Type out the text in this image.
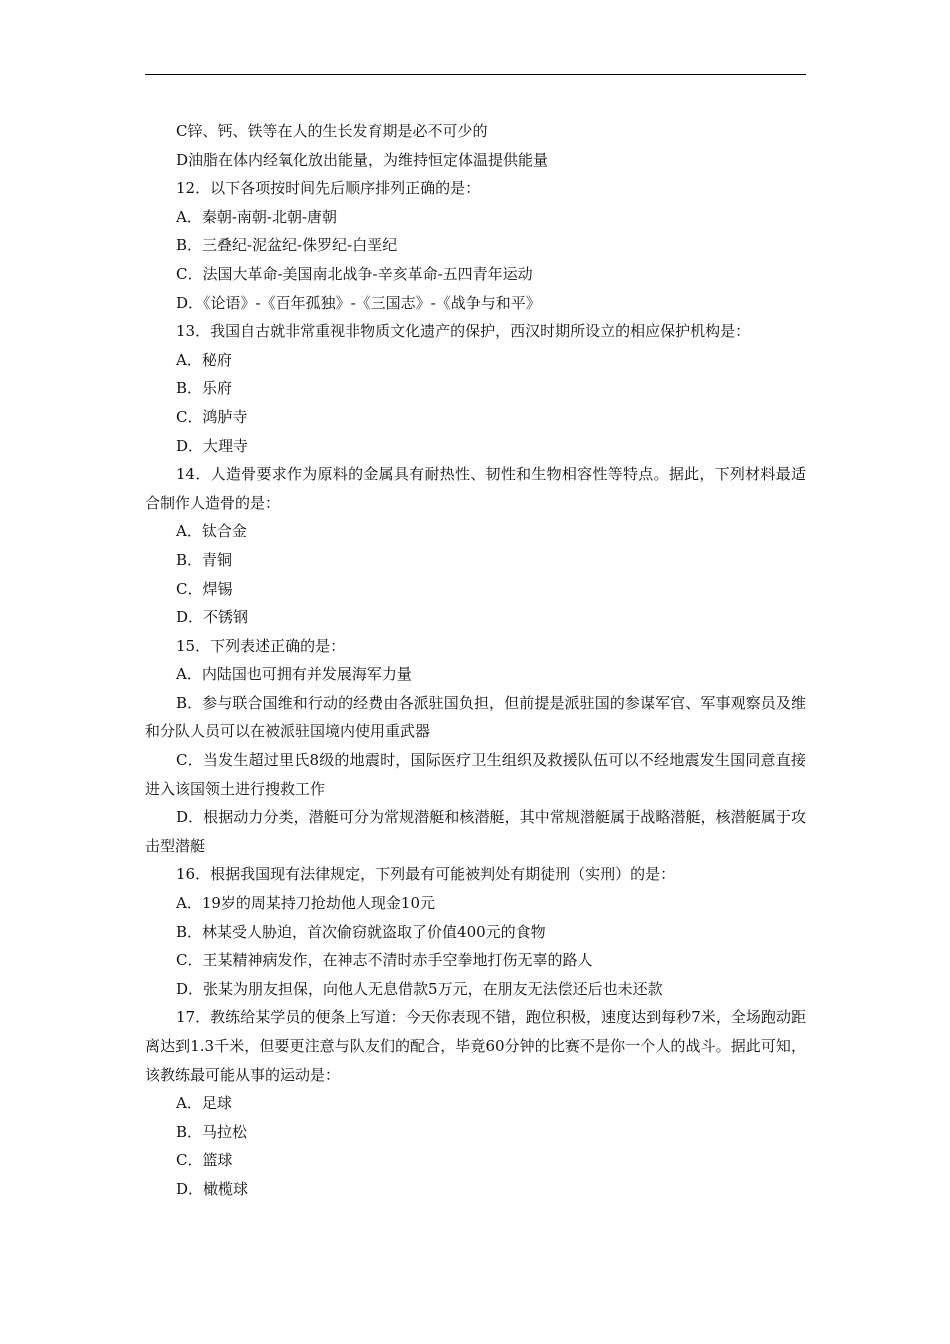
C锌、钙、铁等在人的生长发育期是必不可少的
D油脂在体内经氧化放出能量，为维持恒定体温提供能量
12．以下各项按时间先后顺序排列正确的是：
A．秦朝-南朝-北朝-唐朝
B．三叠纪-泥盆纪-侏罗纪-白垩纪
C．法国大革命-美国南北战争-辛亥革命-五四青年运动
D．《论语》-《百年孤独》-《三国志》-《战争与和平》
13．我国自古就非常重视非物质文化遗产的保护，西汉时期所设立的相应保护机构是：
A．秘府
B．乐府
C．鸿胪寺
D．大理寺
14．人造骨要求作为原料的金属具有耐热性、韧性和生物相容性等特点。据此，下列材料最适合制作人造骨的是：
A．钛合金
B．青铜
C．焊锡
D．不锈钢
15．下列表述正确的是：
A．内陆国也可拥有并发展海军力量
B．参与联合国维和行动的经费由各派驻国负担，但前提是派驻国的参谋军官、军事观察员及维和分队人员可以在被派驻国境内使用重武器
C．当发生超过里氏8级的地震时，国际医疗卫生组织及救援队伍可以不经地震发生国同意直接进入该国领土进行搜救工作
D．根据动力分类，潜艇可分为常规潜艇和核潜艇，其中常规潜艇属于战略潜艇，核潜艇属于攻击型潜艇
16．根据我国现有法律规定，下列最有可能被判处有期徒刑（实刑）的是：
A．19岁的周某持刀抢劫他人现金10元
B．林某受人胁迫，首次偷窃就盗取了价值400元的食物
C．王某精神病发作，在神志不清时赤手空拳地打伤无辜的路人
D．张某为朋友担保，向他人无息借款5万元，在朋友无法偿还后也未还款
17．教练给某学员的便条上写道：今天你表现不错，跑位积极，速度达到每秒7米，全场跑动距离达到1.3千米，但要更注意与队友们的配合，毕竟60分钟的比赛不是你一个人的战斗。据此可知，该教练最可能从事的运动是：
A．足球
B．马拉松
C．篮球
D．橄榄球
